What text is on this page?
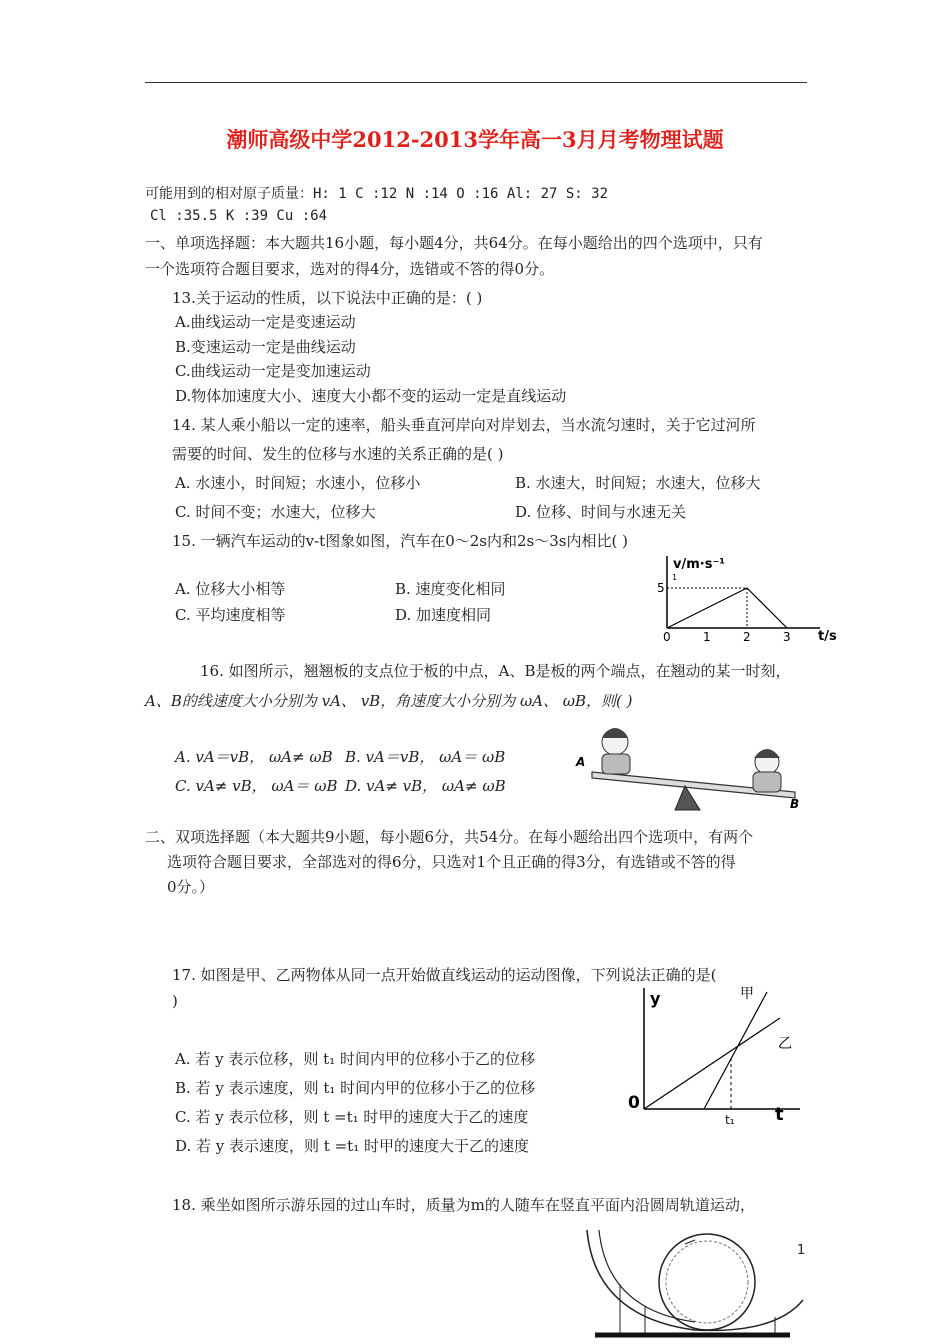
潮师高级中学2012-2013学年高一3月月考物理试题
可能用到的相对原子质量：H: 1 C :12 N :14 O :16 Al: 27 S: 32
Cl :35.5 K :39 Cu :64
一、单项选择题：本大题共16小题，每小题4分，共64分。在每小题给出的四个选项中，只有
一个选项符合题目要求，选对的得4分，选错或不答的得0分。
13.关于运动的性质，以下说法中正确的是：( )
A.曲线运动一定是变速运动
B.变速运动一定是曲线运动
C.曲线运动一定是变加速运动
D.物体加速度大小、速度大小都不变的运动一定是直线运动
14. 某人乘小船以一定的速率，船头垂直河岸向对岸划去，当水流匀速时，关于它过河所
需要的时间、发生的位移与水速的关系正确的是( )
A. 水速小，时间短；水速小，位移小	B. 水速大，时间短；水速大，位移大
C. 时间不变；水速大，位移大	D. 位移、时间与水速无关
15. 一辆汽车运动的v-t图象如图，汽车在0～2s内和2s～3s内相比( )
A. 位移大小相等	B. 速度变化相同
C. 平均速度相等	D. 加速度相同
v/m·s⁻¹
1
5
0	1	2	3 t/s
16. 如图所示，翘翘板的支点位于板的中点，A、B是板的两个端点，在翘动的某一时刻，
A、B的线速度大小分别为 vA、 vB，角速度大小分别为 ωA、 ωB，则( )
A. vA＝vB， ωA≠ ωB B. vA＝vB， ωA＝ ωB
C. vA≠ vB， ωA＝ ωB D. vA≠ vB， ωA≠ ωB
A
B
二、双项选择题（本大题共9小题，每小题6分，共54分。在每小题给出四个选项中，有两个
选项符合题目要求，全部选对的得6分，只选对1个且正确的得3分，有选错或不答的得
0分。）
17. 如图是甲、乙两物体从同一点开始做直线运动的运动图像，下列说法正确的是(
)
A. 若 y 表示位移，则 t₁ 时间内甲的位移小于乙的位移
B. 若 y 表示速度，则 t₁ 时间内甲的位移小于乙的位移
C. 若 y 表示位移，则 t =t₁ 时甲的速度大于乙的速度
D. 若 y 表示速度，则 t =t₁ 时甲的速度大于乙的速度
y
0
t₁ t
甲
乙
18. 乘坐如图所示游乐园的过山车时，质量为m的人随车在竖直平面内沿圆周轨道运动，
1
